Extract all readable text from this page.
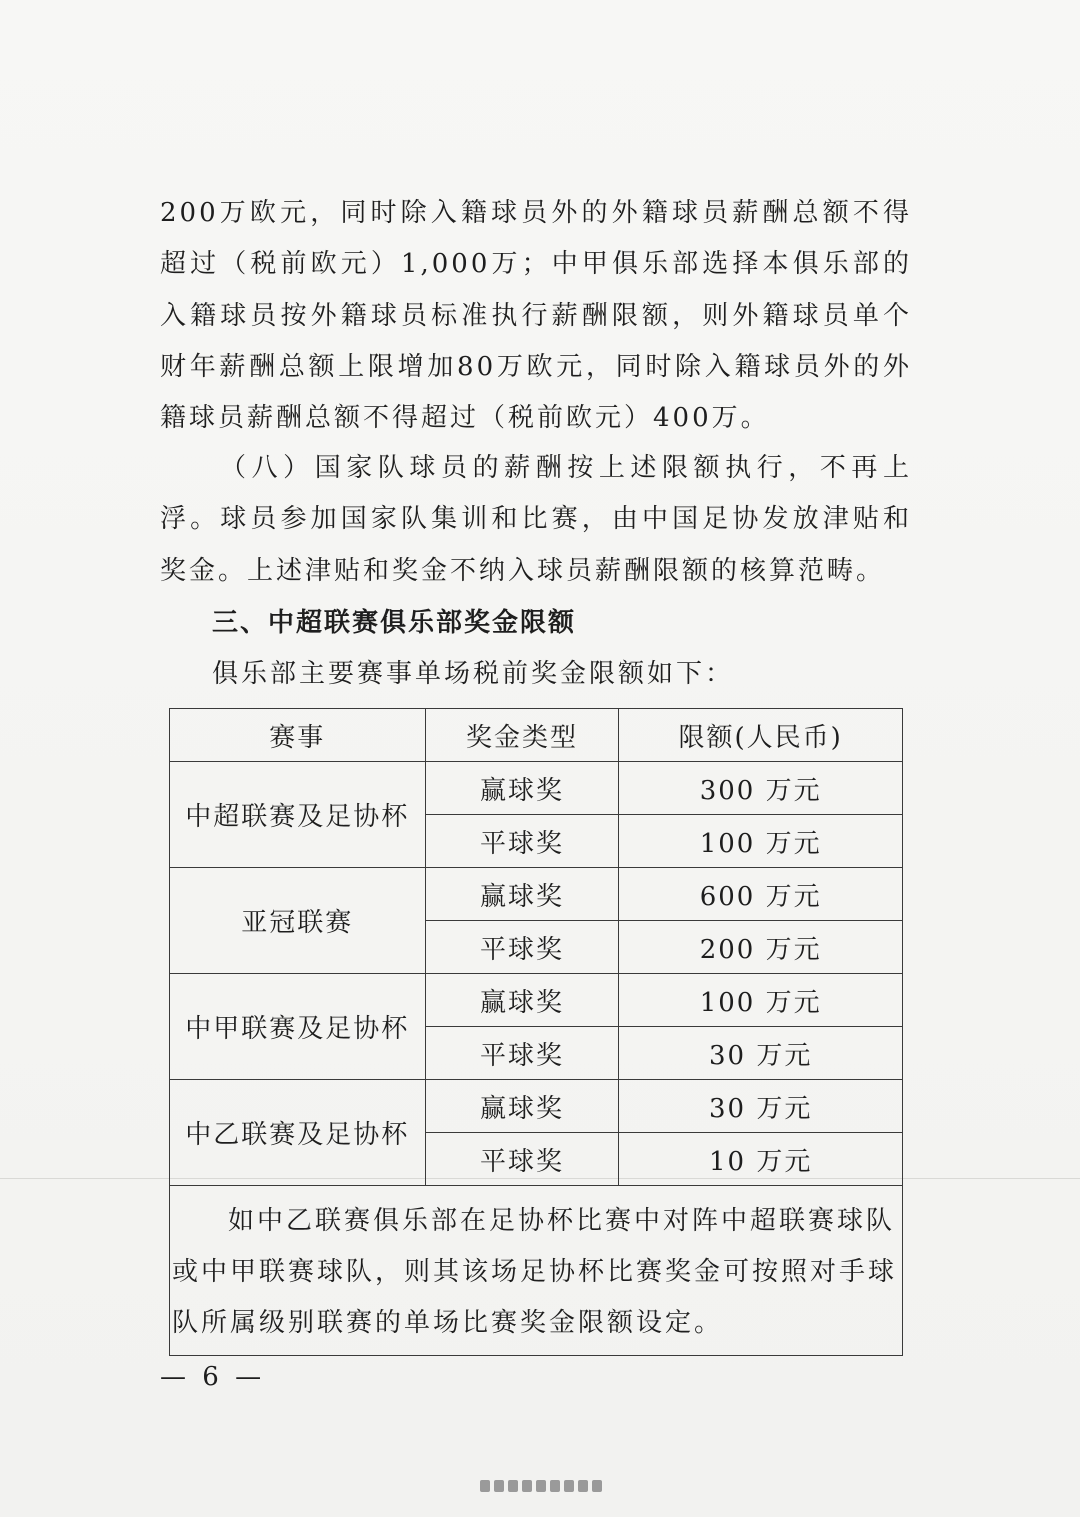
200万欧元，同时除入籍球员外的外籍球员薪酬总额不得超过（税前欧元）1,000万；中甲俱乐部选择本俱乐部的入籍球员按外籍球员标准执行薪酬限额，则外籍球员单个财年薪酬总额上限增加80万欧元，同时除入籍球员外的外籍球员薪酬总额不得超过（税前欧元）400万。

（八）国家队球员的薪酬按上述限额执行，不再上浮。球员参加国家队集训和比赛，由中国足协发放津贴和奖金。上述津贴和奖金不纳入球员薪酬限额的核算范畴。

三、中超联赛俱乐部奖金限额

俱乐部主要赛事单场税前奖金限额如下：

赛事	奖金类型	限额(人民币)
中超联赛及足协杯	赢球奖	300 万元
	平球奖	100 万元
亚冠联赛	赢球奖	600 万元
	平球奖	200 万元
中甲联赛及足协杯	赢球奖	100 万元
	平球奖	30 万元
中乙联赛及足协杯	赢球奖	30 万元
	平球奖	10 万元

如中乙联赛俱乐部在足协杯比赛中对阵中超联赛球队或中甲联赛球队，则其该场足协杯比赛奖金可按照对手球队所属级别联赛的单场比赛奖金限额设定。		

— 6 —
